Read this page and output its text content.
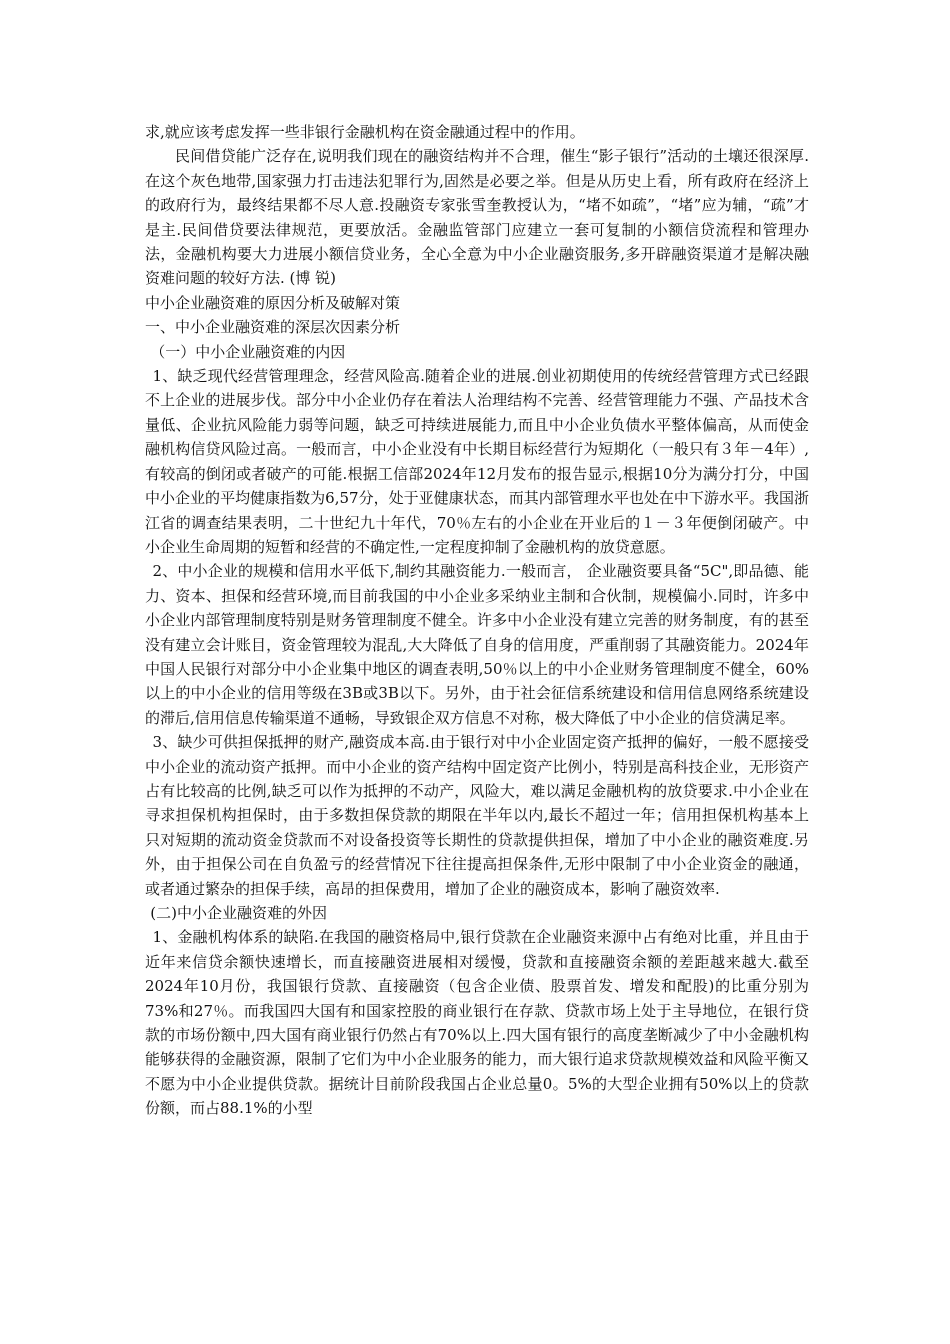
求,就应该考虑发挥一些非银行金融机构在资金融通过程中的作用。

民间借贷能广泛存在,说明我们现在的融资结构并不合理，催生“影子银行”活动的土壤还很深厚.在这个灰色地带,国家强力打击违法犯罪行为,固然是必要之举。但是从历史上看，所有政府在经济上的政府行为，最终结果都不尽人意.投融资专家张雪奎教授认为，“堵不如疏”，“堵”应为辅，“疏”才是主.民间借贷要法律规范，更要放活。金融监管部门应建立一套可复制的小额信贷流程和管理办法，金融机构要大力进展小额信贷业务，全心全意为中小企业融资服务,多开辟融资渠道才是解决融资难问题的较好方法. (博 锐)

中小企业融资难的原因分析及破解对策

一、中小企业融资难的深层次因素分析

（一）中小企业融资难的内因

1、缺乏现代经营管理理念，经营风险高.随着企业的进展.创业初期使用的传统经营管理方式已经跟不上企业的进展步伐。部分中小企业仍存在着法人治理结构不完善、经营管理能力不强、产品技术含量低、企业抗风险能力弱等问题，缺乏可持续进展能力,而且中小企业负债水平整体偏高，从而使金融机构信贷风险过高。一般而言，中小企业没有中长期目标经营行为短期化（一般只有３年－4年）,有较高的倒闭或者破产的可能.根据工信部2024年12月发布的报告显示,根据10分为满分打分，中国中小企业的平均健康指数为6,57分，处于亚健康状态，而其内部管理水平也处在中下游水平。我国浙江省的调查结果表明，二十世纪九十年代，70％左右的小企业在开业后的１－３年便倒闭破产。中小企业生命周期的短暂和经营的不确定性,一定程度抑制了金融机构的放贷意愿。

2、中小企业的规模和信用水平低下,制约其融资能力.一般而言， 企业融资要具备“5C",即品德、能力、资本、担保和经营环境,而目前我国的中小企业多采纳业主制和合伙制，规模偏小.同时，许多中小企业内部管理制度特别是财务管理制度不健全。许多中小企业没有建立完善的财务制度，有的甚至没有建立会计账目，资金管理较为混乱,大大降低了自身的信用度，严重削弱了其融资能力。2024年中国人民银行对部分中小企业集中地区的调查表明,50％以上的中小企业财务管理制度不健全，60%以上的中小企业的信用等级在3B或3B以下。另外，由于社会征信系统建设和信用信息网络系统建设的滞后,信用信息传输渠道不通畅，导致银企双方信息不对称，极大降低了中小企业的信贷满足率。

3、缺少可供担保抵押的财产,融资成本高.由于银行对中小企业固定资产抵押的偏好，一般不愿接受中小企业的流动资产抵押。而中小企业的资产结构中固定资产比例小，特别是高科技企业，无形资产占有比较高的比例,缺乏可以作为抵押的不动产，风险大，难以满足金融机构的放贷要求.中小企业在寻求担保机构担保时，由于多数担保贷款的期限在半年以内,最长不超过一年；信用担保机构基本上只对短期的流动资金贷款而不对设备投资等长期性的贷款提供担保，增加了中小企业的融资难度.另外，由于担保公司在自负盈亏的经营情况下往往提高担保条件,无形中限制了中小企业资金的融通，或者通过繁杂的担保手续，高昂的担保费用，增加了企业的融资成本，影响了融资效率.

(二)中小企业融资难的外因

1、金融机构体系的缺陷.在我国的融资格局中,银行贷款在企业融资来源中占有绝对比重，并且由于近年来信贷余额快速增长，而直接融资进展相对缓慢，贷款和直接融资余额的差距越来越大.截至2024年10月份，我国银行贷款、直接融资（包含企业债、股票首发、增发和配股)的比重分别为73%和27％。而我国四大国有和国家控股的商业银行在存款、贷款市场上处于主导地位，在银行贷款的市场份额中,四大国有商业银行仍然占有70%以上.四大国有银行的高度垄断减少了中小金融机构能够获得的金融资源，限制了它们为中小企业服务的能力，而大银行追求贷款规模效益和风险平衡又不愿为中小企业提供贷款。据统计目前阶段我国占企业总量0。5%的大型企业拥有50%以上的贷款份额，而占88.1%的小型
